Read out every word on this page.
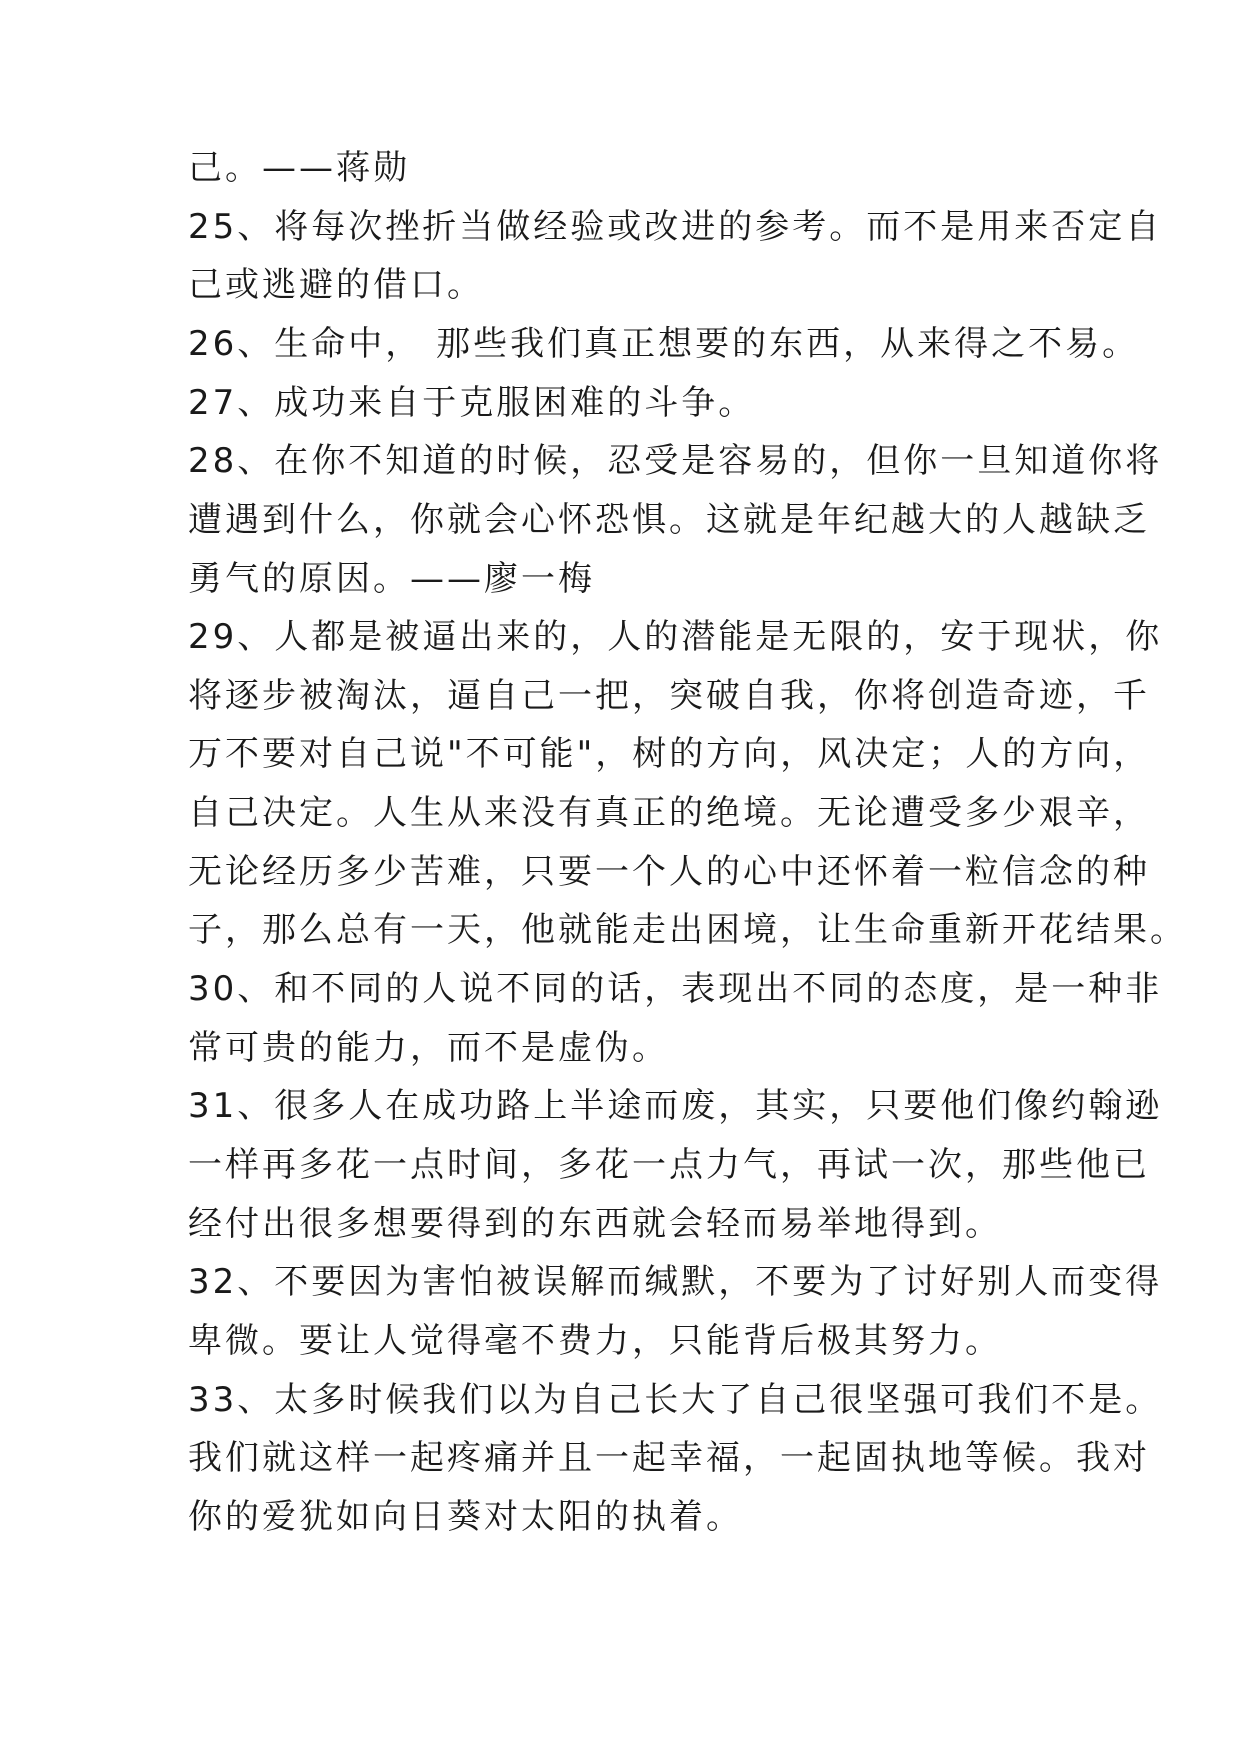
己。——蒋勋
25、将每次挫折当做经验或改进的参考。而不是用来否定自
己或逃避的借口。
26、生命中， 那些我们真正想要的东西，从来得之不易。
27、成功来自于克服困难的斗争。
28、在你不知道的时候，忍受是容易的，但你一旦知道你将
遭遇到什么，你就会心怀恐惧。这就是年纪越大的人越缺乏
勇气的原因。——廖一梅
29、人都是被逼出来的，人的潜能是无限的，安于现状，你
将逐步被淘汰，逼自己一把，突破自我，你将创造奇迹，千
万不要对自己说"不可能"，树的方向，风决定；人的方向，
自己决定。人生从来没有真正的绝境。无论遭受多少艰辛，
无论经历多少苦难，只要一个人的心中还怀着一粒信念的种
子，那么总有一天，他就能走出困境，让生命重新开花结果。
30、和不同的人说不同的话，表现出不同的态度，是一种非
常可贵的能力，而不是虚伪。
31、很多人在成功路上半途而废，其实，只要他们像约翰逊
一样再多花一点时间，多花一点力气，再试一次，那些他已
经付出很多想要得到的东西就会轻而易举地得到。
32、不要因为害怕被误解而缄默，不要为了讨好别人而变得
卑微。要让人觉得毫不费力，只能背后极其努力。
33、太多时候我们以为自己长大了自己很坚强可我们不是。
我们就这样一起疼痛并且一起幸福，一起固执地等候。我对
你的爱犹如向日葵对太阳的执着。
